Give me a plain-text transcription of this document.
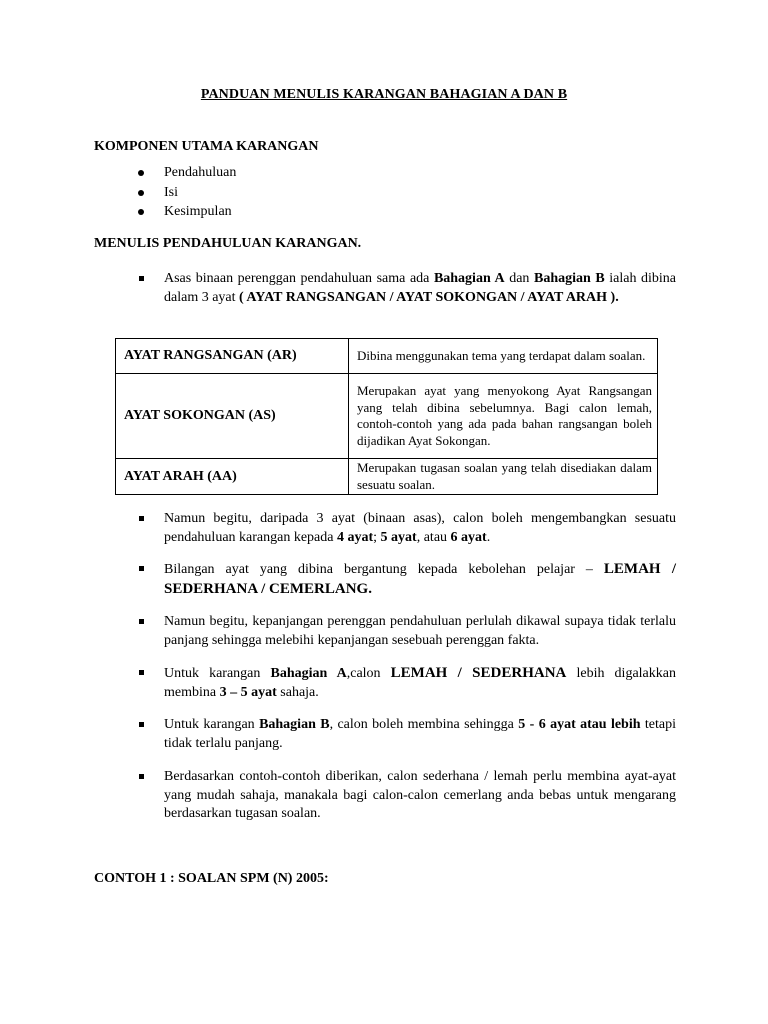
PANDUAN MENULIS KARANGAN BAHAGIAN A DAN B
KOMPONEN UTAMA KARANGAN
Pendahuluan
Isi
Kesimpulan
MENULIS PENDAHULUAN KARANGAN.
Asas binaan perenggan pendahuluan sama ada Bahagian A dan Bahagian B ialah dibina dalam 3 ayat ( AYAT RANGSANGAN / AYAT SOKONGAN / AYAT ARAH ).
AYAT RANGSANGAN (AR)	Dibina menggunakan tema yang terdapat dalam soalan.
AYAT SOKONGAN (AS)	Merupakan ayat yang menyokong Ayat Rangsangan yang telah dibina sebelumnya. Bagi calon lemah, contoh-contoh yang ada pada bahan rangsangan boleh dijadikan Ayat Sokongan.
AYAT ARAH (AA)	Merupakan tugasan soalan yang telah disediakan dalam sesuatu soalan.
Namun begitu, daripada 3 ayat (binaan asas), calon boleh mengembangkan sesuatu pendahuluan karangan kepada 4 ayat; 5 ayat, atau 6 ayat.
Bilangan ayat yang dibina bergantung kepada kebolehan pelajar – LEMAH / SEDERHANA / CEMERLANG.
Namun begitu, kepanjangan perenggan pendahuluan perlulah dikawal supaya tidak terlalu panjang sehingga melebihi kepanjangan sesebuah perenggan fakta.
Untuk karangan Bahagian A,calon LEMAH / SEDERHANA lebih digalakkan membina 3 – 5 ayat sahaja.
Untuk karangan Bahagian B, calon boleh membina sehingga 5 - 6 ayat atau lebih tetapi tidak terlalu panjang.
Berdasarkan contoh-contoh diberikan, calon sederhana / lemah perlu membina ayat-ayat yang mudah sahaja, manakala bagi calon-calon cemerlang anda bebas untuk mengarang berdasarkan tugasan soalan.
CONTOH 1 : SOALAN SPM (N) 2005:
